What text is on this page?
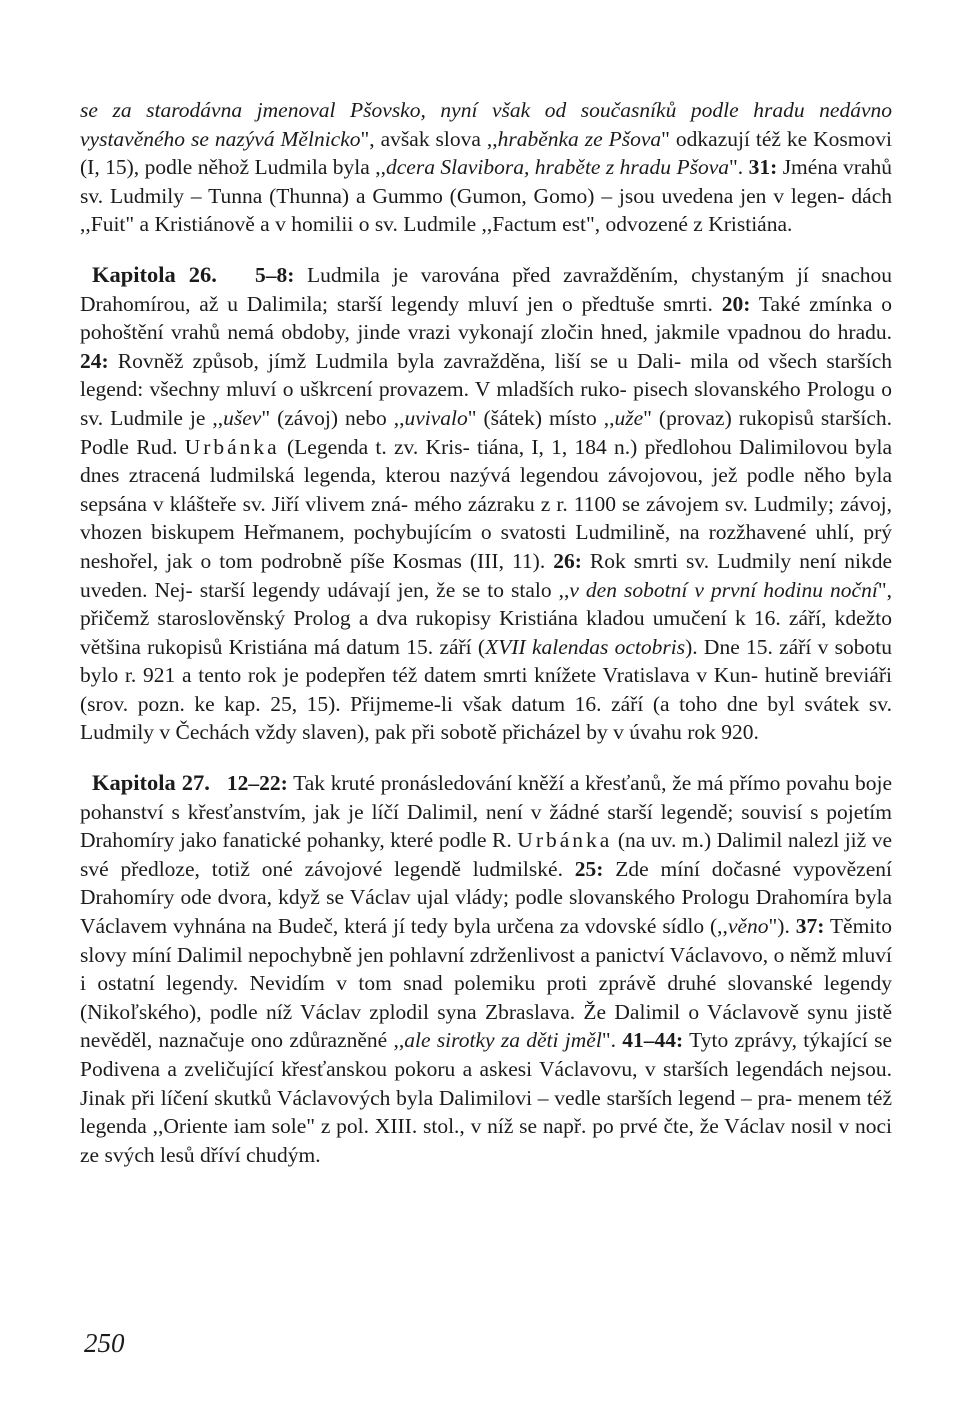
se za starodávna jmenoval Pšovsko, nyní však od současníků podle hradu nedávno vystavěného se nazývá Mělnicko", avšak slova ,,hraběnka ze Pšova" odkazují též ke Kosmovi (I, 15), podle něhož Ludmila byla ,,dcera Slavibora, hraběte z hradu Pšova". 31: Jména vrahů sv. Ludmily – Tunna (Thunna) a Gummo (Gumon, Gomo) – jsou uvedena jen v legen- dách ,,Fuit" a Kristiánově a v homilii o sv. Ludmile ,,Factum est", odvozené z Kristiána.

Kapitola 26. 5–8: Ludmila je varována před zavražděním, chystaným jí snachou Drahomírou, až u Dalimila; starší legendy mluví jen o předtuše smrti. 20: Také zmínka o pohoštění vrahů nemá obdoby, jinde vrazi vykonají zločin hned, jakmile vpadnou do hradu. 24: Rovněž způsob, jímž Ludmila byla zavražděna, liší se u Dali- mila od všech starších legend: všechny mluví o uškrcení provazem. V mladších ruko- pisech slovanského Prologu o sv. Ludmile je ,,ušev" (závoj) nebo ,,uvivalo" (šátek) místo ,,uže" (provaz) rukopisů starších. Podle Rud. Urbánka (Legenda t. zv. Kris- tiána, I, 1, 184 n.) předlohou Dalimilovou byla dnes ztracená ludmilská legenda, kterou nazývá legendou závojovou, jež podle něho byla sepsána v klášteře sv. Jiří vlivem zná- mého zázraku z r. 1100 se závojem sv. Ludmily; závoj, vhozen biskupem Heřmanem, pochybujícím o svatosti Ludmilině, na rozžhavené uhlí, prý neshořel, jak o tom podrobně píše Kosmas (III, 11). 26: Rok smrti sv. Ludmily není nikde uveden. Nej- starší legendy udávají jen, že se to stalo ,,v den sobotní v první hodinu noční", přičemž staroslověnský Prolog a dva rukopisy Kristiána kladou umučení k 16. září, kdežto většina rukopisů Kristiána má datum 15. září (XVII kalendas octobris). Dne 15. září v sobotu bylo r. 921 a tento rok je podepřen též datem smrti knížete Vratislava v Kun- hutině breviáři (srov. pozn. ke kap. 25, 15). Přijmeme-li však datum 16. září (a toho dne byl svátek sv. Ludmily v Čechách vždy slaven), pak při sobotě přicházel by v úvahu rok 920.

Kapitola 27. 12–22: Tak kruté pronásledování kněží a křesťanů, že má přímo povahu boje pohanství s křesťanstvím, jak je líčí Dalimil, není v žádné starší legendě; souvisí s pojetím Drahomíry jako fanatické pohanky, které podle R. Urbánka (na uv. m.) Dalimil nalezl již ve své předloze, totiž oné závojové legendě ludmilské. 25: Zde míní dočasné vypovězení Drahomíry ode dvora, když se Václav ujal vlády; podle slovanského Prologu Drahomíra byla Václavem vyhnána na Budeč, která jí tedy byla určena za vdovské sídlo (,,věno"). 37: Těmito slovy míní Dalimil nepochybně jen pohlavní zdrženlivost a panictví Václavovo, o němž mluví i ostatní legendy. Nevidím v tom snad polemiku proti zprávě druhé slovanské legendy (Nikoľského), podle níž Václav zplodil syna Zbraslava. Že Dalimil o Václavově synu jistě nevěděl, naznačuje ono zdůrazněné ,,ale sirotky za děti jměl". 41–44: Tyto zprávy, týkající se Podivena a zveličující křesťanskou pokoru a askesi Václavovu, v starších legendách nejsou. Jinak při líčení skutků Václavových byla Dalimilovi – vedle starších legend – pra- menem též legenda ,,Oriente iam sole" z pol. XIII. stol., v níž se např. po prvé čte, že Václav nosil v noci ze svých lesů dříví chudým.

250
